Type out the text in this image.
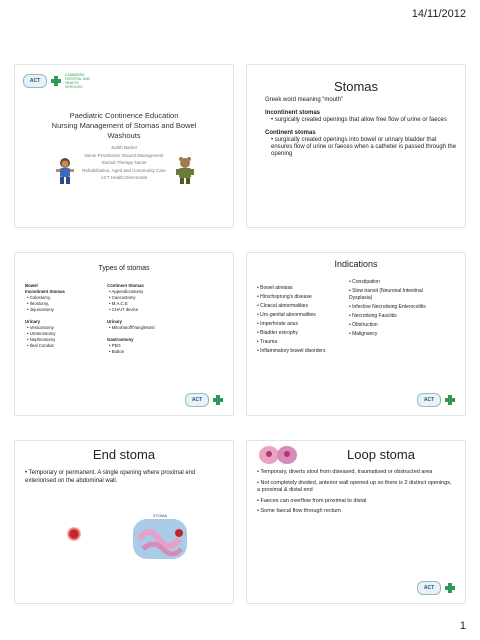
14/11/2012
ACT
CANBERRA HOSPITAL AND HEALTH SERVICES
Paediatric Continence Education
Nursing Management of Stomas and Bowel
Washouts
Judith Barker
Nurse Practitioner Wound Management
Stomal Therapy Nurse
Rehabilitation, Aged and Community Care
ACT Health Directorate
Stomas

Greek word meaning “mouth”

Incontinent stomas
• surgically created openings that allow free flow of urine or faeces
Continent stomas
• surgically created openings into bowel or urinary bladder that ensures flow of urine or faeces when a catheter is passed through the opening
Types of stomas
Bowel
Incontinent Stomas
• Colostomy,
• Ileostomy,
• Jejunostomy
Urinary
• Vesicostomy
• Ureterostomy
• Nephrostomy
• Ileal Conduit
Continent Stomas
• Appendicostomy
• Caecostomy
• M.A.C.E
• CHAIT device
Urinary
• Mitrofanoff/Yang/Monti
Gastrostomy
• PEG
• Button
ACT
Indications
• Bowel atresias
• Hirschsprung’s disease
• Cloacal abnormalities
• Uro-genital abnormalities
• Imperforate anus
• Bladder extrophy
• Trauma
• Inflammatory bowel disorders
• Constipation
• Slow transit (Neuronal Intestinal Dysplasia)
• Infective Necrotising Enterocolitis
• Necrotising Fasciitis
• Obstruction
• Malignancy
ACT
End stoma
• Temporary or permanent. A single opening where proximal end exteriorised on the abdominal wall.
STOMA
Loop stoma
• Temporary, diverts stool from diseased, traumatised or obstructed area
• Not completely divided, anterior wall opened up so there is 2 distinct openings, a proximal & distal end
• Faeces can overflow from proximal to distal
• Some faecal flow through rectum
ACT
1
